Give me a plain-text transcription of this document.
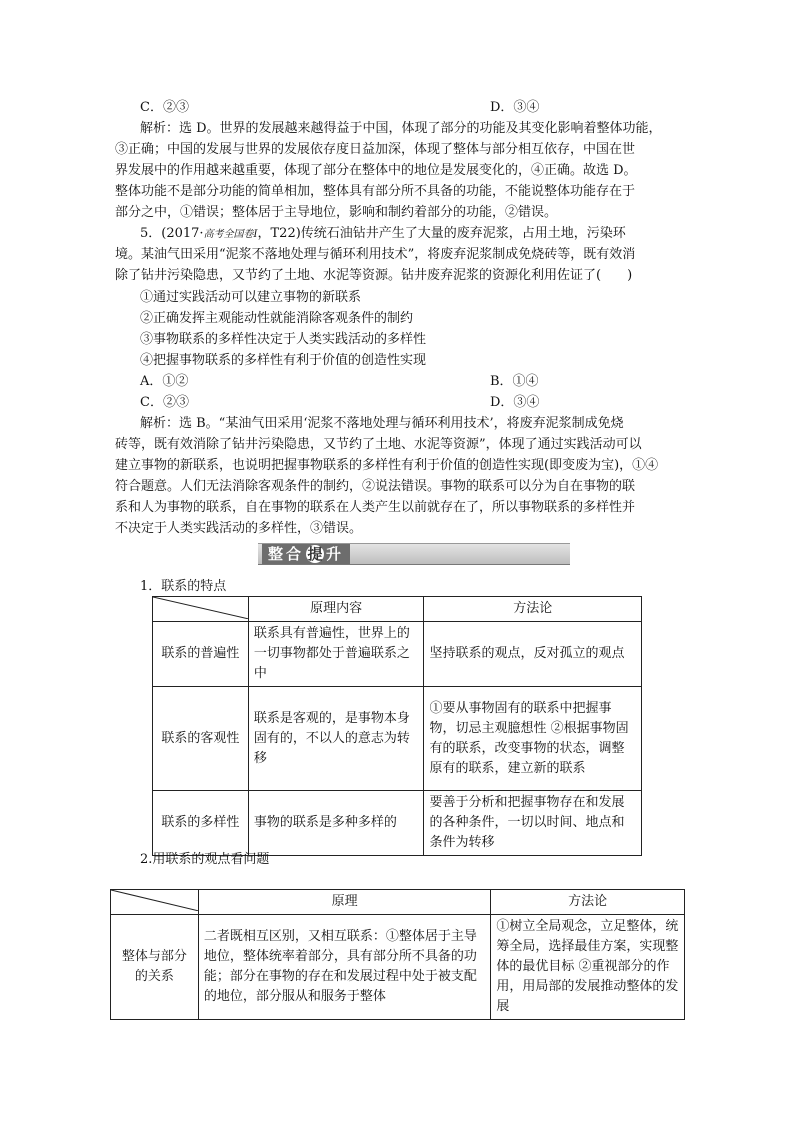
C．②③	D．③④
解析：选 D。世界的发展越来越得益于中国，体现了部分的功能及其变化影响着整体功能，
③正确；中国的发展与世界的发展依存度日益加深，体现了整体与部分相互依存，中国在世
界发展中的作用越来越重要，体现了部分在整体中的地位是发展变化的，④正确。故选 D。
整体功能不是部分功能的简单相加，整体具有部分所不具备的功能，不能说整体功能存在于
部分之中，①错误；整体居于主导地位，影响和制约着部分的功能，②错误。
5．(2017·高考全国卷Ⅰ，T22)传统石油钻井产生了大量的废弃泥浆，占用土地，污染环
境。某油气田采用“泥浆不落地处理与循环利用技术”，将废弃泥浆制成免烧砖等，既有效消
除了钻井污染隐患，又节约了土地、水泥等资源。钻井废弃泥浆的资源化利用佐证了(　　)
①通过实践活动可以建立事物的新联系
②正确发挥主观能动性就能消除客观条件的制约
③事物联系的多样性决定于人类实践活动的多样性
④把握事物联系的多样性有利于价值的创造性实现
A．①②	B．①④
C．②③	D．③④
解析：选 B。“某油气田采用‘泥浆不落地处理与循环利用技术’，将废弃泥浆制成免烧
砖等，既有效消除了钻井污染隐患，又节约了土地、水泥等资源”，体现了通过实践活动可以
建立事物的新联系，也说明把握事物联系的多样性有利于价值的创造性实现(即变废为宝)，①④
符合题意。人们无法消除客观条件的制约，②说法错误。事物的联系可以分为自在事物的联
系和人为事物的联系，自在事物的联系在人类产生以前就存在了，所以事物联系的多样性并
不决定于人类实践活动的多样性，③错误。
整合 提 升
1．联系的特点
	原理内容	方法论
联系的普遍性	联系具有普遍性，世界上的一切事物都处于普遍联系之中	坚持联系的观点，反对孤立的观点
联系的客观性	联系是客观的，是事物本身固有的，不以人的意志为转移	①要从事物固有的联系中把握事物，切忌主观臆想性 ②根据事物固有的联系，改变事物的状态，调整原有的联系，建立新的联系
联系的多样性	事物的联系是多种多样的	要善于分析和把握事物存在和发展的各种条件，一切以时间、地点和条件为转移
2.用联系的观点看问题
	原理	方法论
整体与部分的关系	二者既相互区别，又相互联系：①整体居于主导地位，整体统率着部分，具有部分所不具备的功能；部分在事物的存在和发展过程中处于被支配的地位，部分服从和服务于整体	①树立全局观念，立足整体，统筹全局，选择最佳方案，实现整体的最优目标 ②重视部分的作用，用局部的发展推动整体的发展
